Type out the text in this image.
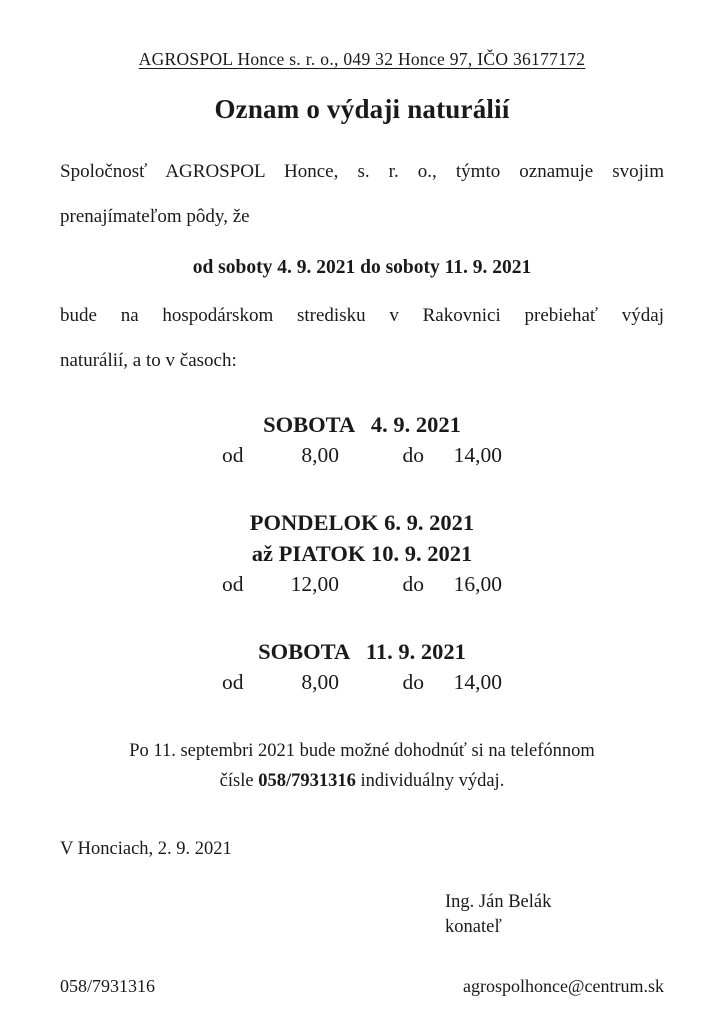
AGROSPOL Honce s. r. o., 049 32 Honce 97, IČO 36177172
Oznam o výdaji naturálií
Spoločnosť AGROSPOL Honce, s. r. o., týmto oznamuje svojim
prenajímateľom pôdy, že
od soboty 4. 9. 2021 do soboty 11. 9. 2021
bude na hospodárskom stredisku v Rakovnici prebiehať výdaj
naturálií, a to v časoch:
SOBOTA   4. 9. 2021
od	8,00	do	14,00
PONDELOK 6. 9. 2021
až PIATOK 10. 9. 2021
od	12,00	do	16,00
SOBOTA   11. 9. 2021
od	8,00	do	14,00
Po 11. septembri 2021 bude možné dohodnúť si na telefónnom
čísle 058/7931316 individuálny výdaj.
V Honciach, 2. 9. 2021
Ing. Ján Belák
konateľ
058/7931316	agrospolhonce@centrum.sk
